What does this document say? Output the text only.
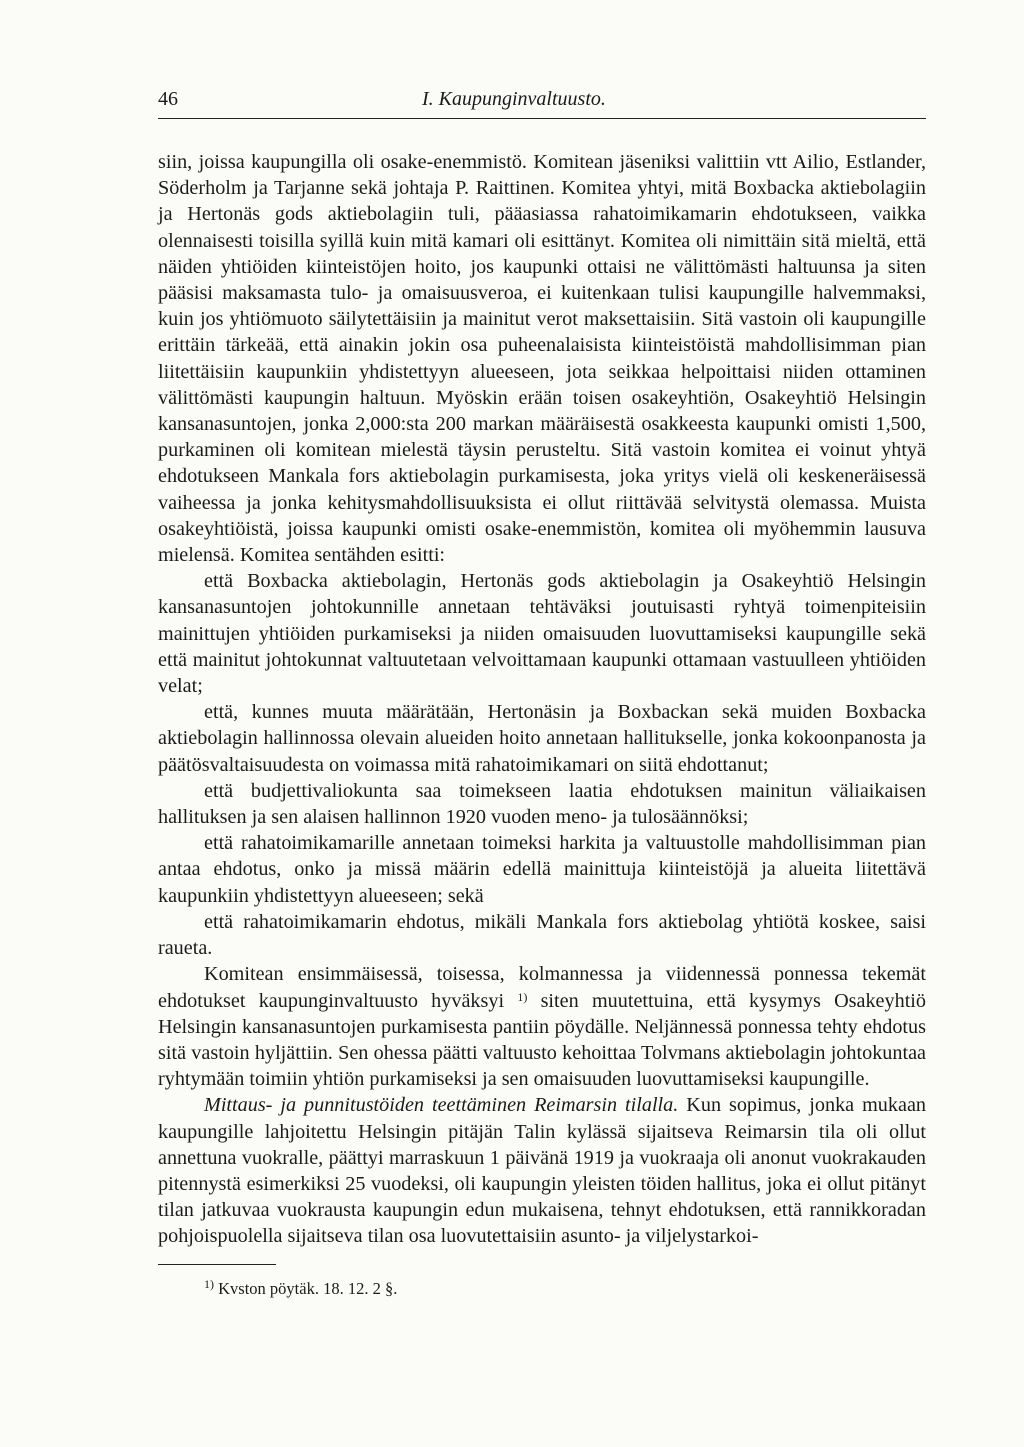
46	I. Kaupunginvaltuusto.

siin, joissa kaupungilla oli osake-enemmistö. Komitean jäseniksi valittiin vtt Ailio, Estlander, Söderholm ja Tarjanne sekä johtaja P. Raittinen. Komitea yhtyi, mitä Boxbacka aktiebolagiin ja Hertonäs gods aktiebolagiin tuli, pääasiassa rahatoimikamarin ehdotukseen, vaikka olennaisesti toisilla syillä kuin mitä kamari oli esittänyt. Komitea oli nimittäin sitä mieltä, että näiden yhtiöiden kiinteistöjen hoito, jos kaupunki ottaisi ne välittömästi haltuunsa ja siten pääsisi maksamasta tulo- ja omaisuusveroa, ei kuitenkaan tulisi kaupungille halvemmaksi, kuin jos yhtiömuoto säilytettäisiin ja mainitut verot maksettaisiin. Sitä vastoin oli kaupungille erittäin tärkeää, että ainakin jokin osa puheenalaisista kiinteistöistä mahdollisimman pian liitettäisiin kaupunkiin yhdistettyyn alueeseen, jota seikkaa helpoittaisi niiden ottaminen välittömästi kaupungin haltuun. Myöskin erään toisen osakeyhtiön, Osakeyhtiö Helsingin kansanasuntojen, jonka 2,000:sta 200 markan määräisestä osakkeesta kaupunki omisti 1,500, purkaminen oli komitean mielestä täysin perusteltu. Sitä vastoin komitea ei voinut yhtyä ehdotukseen Mankala fors aktiebolagin purkamisesta, joka yritys vielä oli keskeneräisessä vaiheessa ja jonka kehitysmahdollisuuksista ei ollut riittävää selvitystä olemassa. Muista osakeyhtiöistä, joissa kaupunki omisti osake-enemmistön, komitea oli myöhemmin lausuva mielensä. Komitea sentähden esitti:

että Boxbacka aktiebolagin, Hertonäs gods aktiebolagin ja Osakeyhtiö Helsingin kansanasuntojen johtokunnille annetaan tehtäväksi joutuisasti ryhtyä toimenpiteisiin mainittujen yhtiöiden purkamiseksi ja niiden omaisuuden luovuttamiseksi kaupungille sekä että mainitut johtokunnat valtuutetaan velvoittamaan kaupunki ottamaan vastuulleen yhtiöiden velat;

että, kunnes muuta määrätään, Hertonäsin ja Boxbackan sekä muiden Boxbacka aktiebolagin hallinnossa olevain alueiden hoito annetaan hallitukselle, jonka kokoonpanosta ja päätösvaltaisuudesta on voimassa mitä rahatoimikamari on siitä ehdottanut;

että budjettivaliokunta saa toimekseen laatia ehdotuksen mainitun väliaikaisen hallituksen ja sen alaisen hallinnon 1920 vuoden meno- ja tulosäännöksi;

että rahatoimikamarille annetaan toimeksi harkita ja valtuustolle mahdollisimman pian antaa ehdotus, onko ja missä määrin edellä mainittuja kiinteistöjä ja alueita liitettävä kaupunkiin yhdistettyyn alueeseen; sekä

että rahatoimikamarin ehdotus, mikäli Mankala fors aktiebolag yhtiötä koskee, saisi raueta.

Komitean ensimmäisessä, toisessa, kolmannessa ja viidennessä ponnessa tekemät ehdotukset kaupunginvaltuusto hyväksyi $^{1)}$ siten muutettuina, että kysymys Osakeyhtiö Helsingin kansanasuntojen purkamisesta pantiin pöydälle. Neljännessä ponnessa tehty ehdotus sitä vastoin hyljättiin. Sen ohessa päätti valtuusto kehoittaa Tolvmans aktiebolagin johtokuntaa ryhtymään toimiin yhtiön purkamiseksi ja sen omaisuuden luovuttamiseksi kaupungille.

Mittaus- ja punnitustöiden teettäminen Reimarsin tilalla. Kun sopimus, jonka mukaan kaupungille lahjoitettu Helsingin pitäjän Talin kylässä sijaitseva Reimarsin tila oli ollut annettuna vuokralle, päättyi marraskuun 1 päivänä 1919 ja vuokraaja oli anonut vuokrakauden pitennystä esimerkiksi 25 vuodeksi, oli kaupungin yleisten töiden hallitus, joka ei ollut pitänyt tilan jatkuvaa vuokrausta kaupungin edun mukaisena, tehnyt ehdotuksen, että rannikkoradan pohjoispuolella sijaitseva tilan osa luovutettaisiin asunto- ja viljelystarkoi-

$^{1)}$ Kvston pöytäk. 18. 12. 2 §.
